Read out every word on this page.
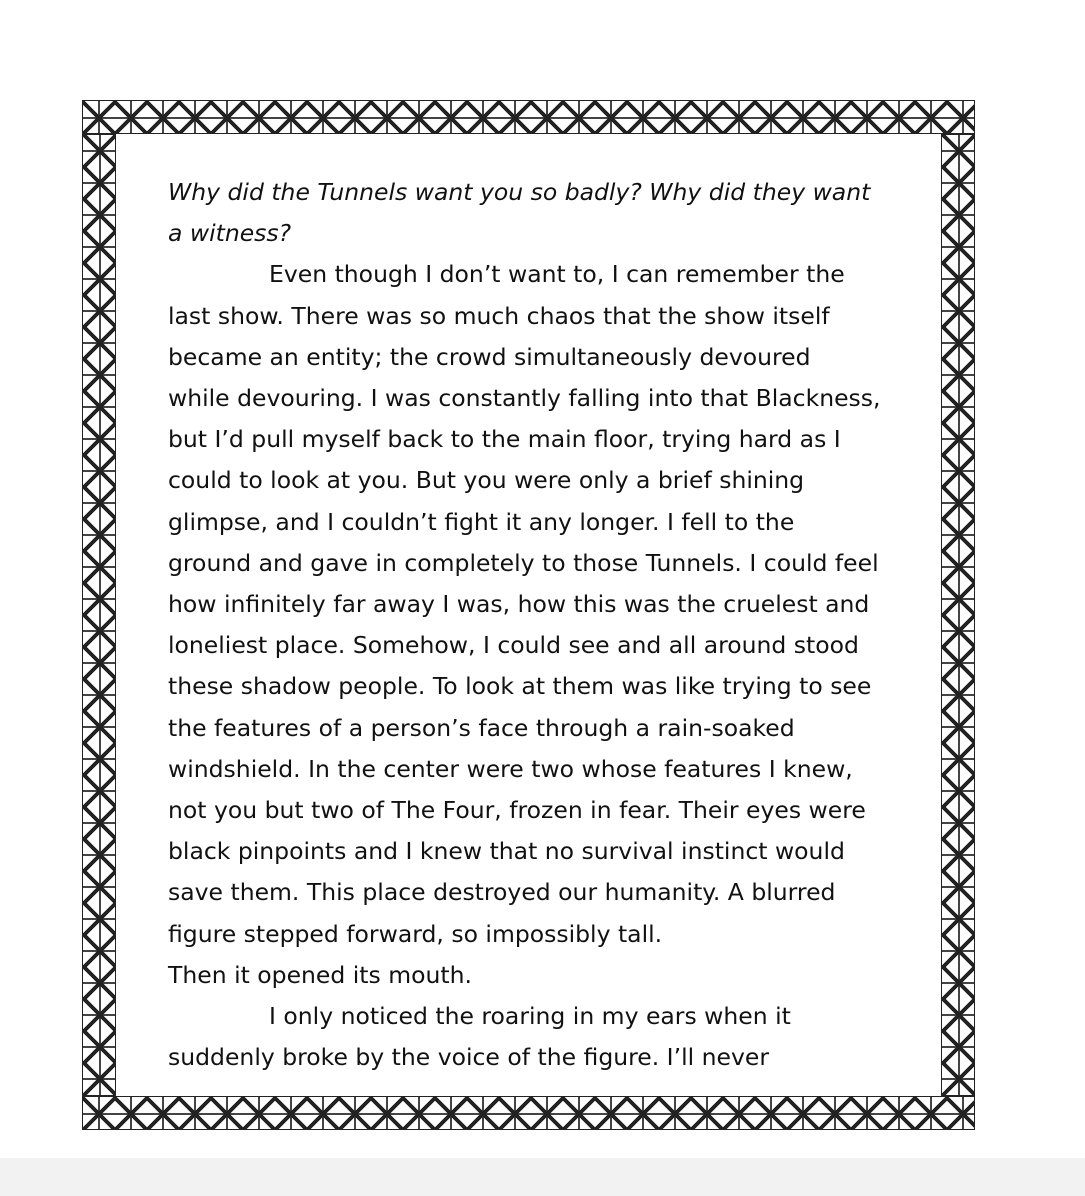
Why did the Tunnels want you so badly? Why did they want
a witness?
Even though I don’t want to, I can remember the
last show. There was so much chaos that the show itself
became an entity; the crowd simultaneously devoured
while devouring. I was constantly falling into that Blackness,
but I’d pull myself back to the main floor, trying hard as I
could to look at you. But you were only a brief shining
glimpse, and I couldn’t fight it any longer. I fell to the
ground and gave in completely to those Tunnels. I could feel
how infinitely far away I was, how this was the cruelest and
loneliest place. Somehow, I could see and all around stood
these shadow people. To look at them was like trying to see
the features of a person’s face through a rain-soaked
windshield. In the center were two whose features I knew,
not you but two of The Four, frozen in fear. Their eyes were
black pinpoints and I knew that no survival instinct would
save them. This place destroyed our humanity. A blurred
figure stepped forward, so impossibly tall.
Then it opened its mouth.
I only noticed the roaring in my ears when it
suddenly broke by the voice of the figure. I’ll never
